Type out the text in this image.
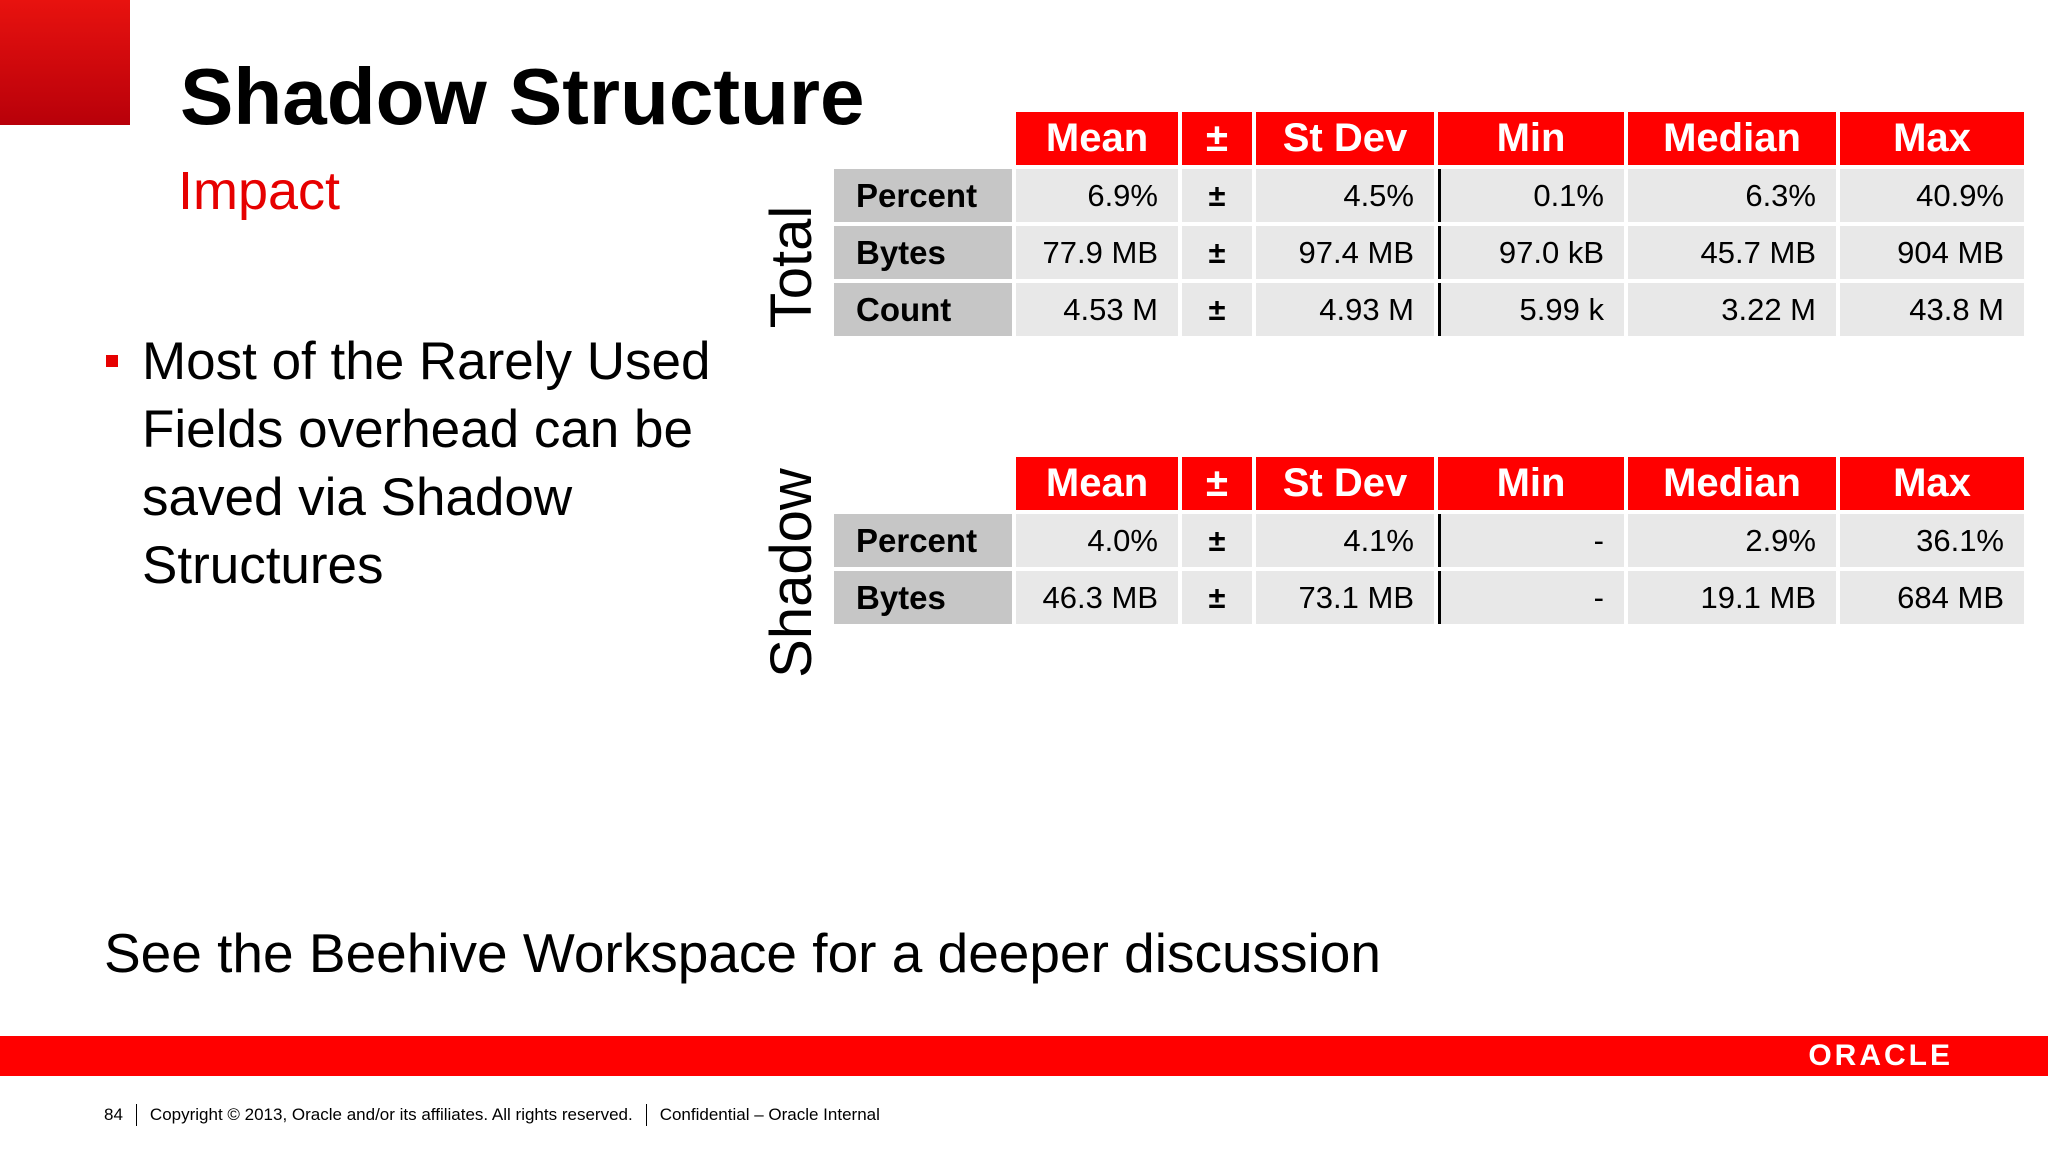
Shadow Structure
Impact
Most of the Rarely Used Fields overhead can be saved via Shadow Structures
Total
Shadow
	Mean	±	St Dev	Min	Median	Max
Percent	6.9%	±	4.5%	0.1%	6.3%	40.9%
Bytes	77.9 MB	±	97.4 MB	97.0 kB	45.7 MB	904 MB
Count	4.53 M	±	4.93 M	5.99 k	3.22 M	43.8 M
	Mean	±	St Dev	Min	Median	Max
Percent	4.0%	±	4.1%	-	2.9%	36.1%
Bytes	46.3 MB	±	73.1 MB	-	19.1 MB	684 MB
See the Beehive Workspace for a deeper discussion
ORACLE
84 Copyright © 2013, Oracle and/or its affiliates. All rights reserved. Confidential – Oracle Internal
